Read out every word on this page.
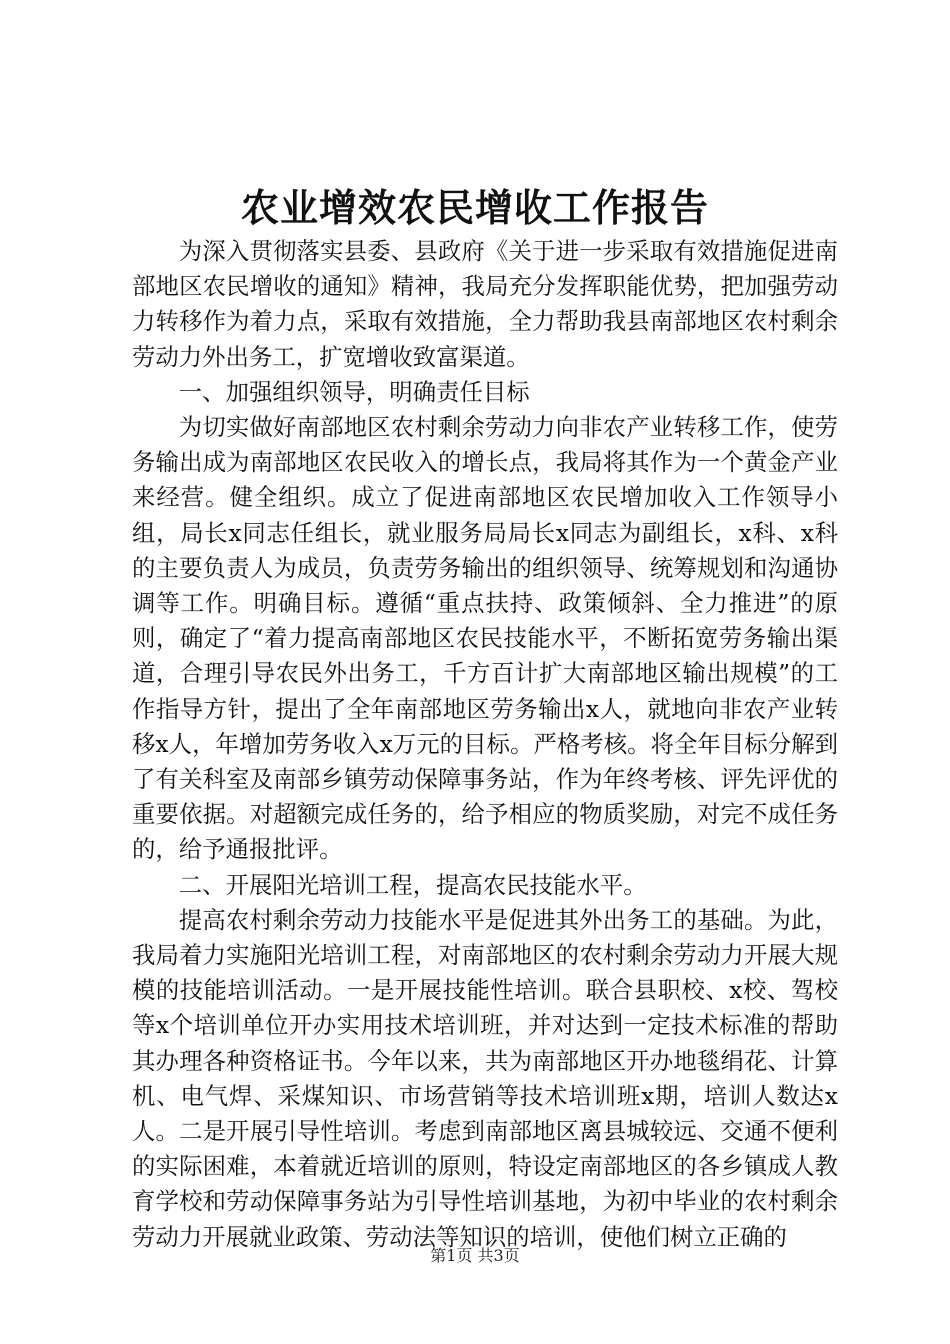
农业增效农民增收工作报告

为深入贯彻落实县委、县政府《关于进一步采取有效措施促进南部地区农民增收的通知》精神，我局充分发挥职能优势，把加强劳动力转移作为着力点，采取有效措施，全力帮助我县南部地区农村剩余劳动力外出务工，扩宽增收致富渠道。

一、加强组织领导，明确责任目标

为切实做好南部地区农村剩余劳动力向非农产业转移工作，使劳务输出成为南部地区农民收入的增长点，我局将其作为一个黄金产业来经营。健全组织。成立了促进南部地区农民增加收入工作领导小组，局长x同志任组长，就业服务局局长x同志为副组长，x科、x科的主要负责人为成员，负责劳务输出的组织领导、统筹规划和沟通协调等工作。明确目标。遵循“重点扶持、政策倾斜、全力推进”的原则，确定了“着力提高南部地区农民技能水平，不断拓宽劳务输出渠道，合理引导农民外出务工，千方百计扩大南部地区输出规模”的工作指导方针，提出了全年南部地区劳务输出x人，就地向非农产业转移x人，年增加劳务收入x万元的目标。严格考核。将全年目标分解到了有关科室及南部乡镇劳动保障事务站，作为年终考核、评先评优的重要依据。对超额完成任务的，给予相应的物质奖励，对完不成任务的，给予通报批评。

二、开展阳光培训工程，提高农民技能水平。

提高农村剩余劳动力技能水平是促进其外出务工的基础。为此，我局着力实施阳光培训工程，对南部地区的农村剩余劳动力开展大规模的技能培训活动。一是开展技能性培训。联合县职校、x校、驾校等x个培训单位开办实用技术培训班，并对达到一定技术标准的帮助其办理各种资格证书。今年以来，共为南部地区开办地毯绢花、计算机、电气焊、采煤知识、市场营销等技术培训班x期，培训人数达x人。二是开展引导性培训。考虑到南部地区离县城较远、交通不便利的实际困难，本着就近培训的原则，特设定南部地区的各乡镇成人教育学校和劳动保障事务站为引导性培训基地，为初中毕业的农村剩余劳动力开展就业政策、劳动法等知识的培训，使他们树立正确的

第1页 共3页
